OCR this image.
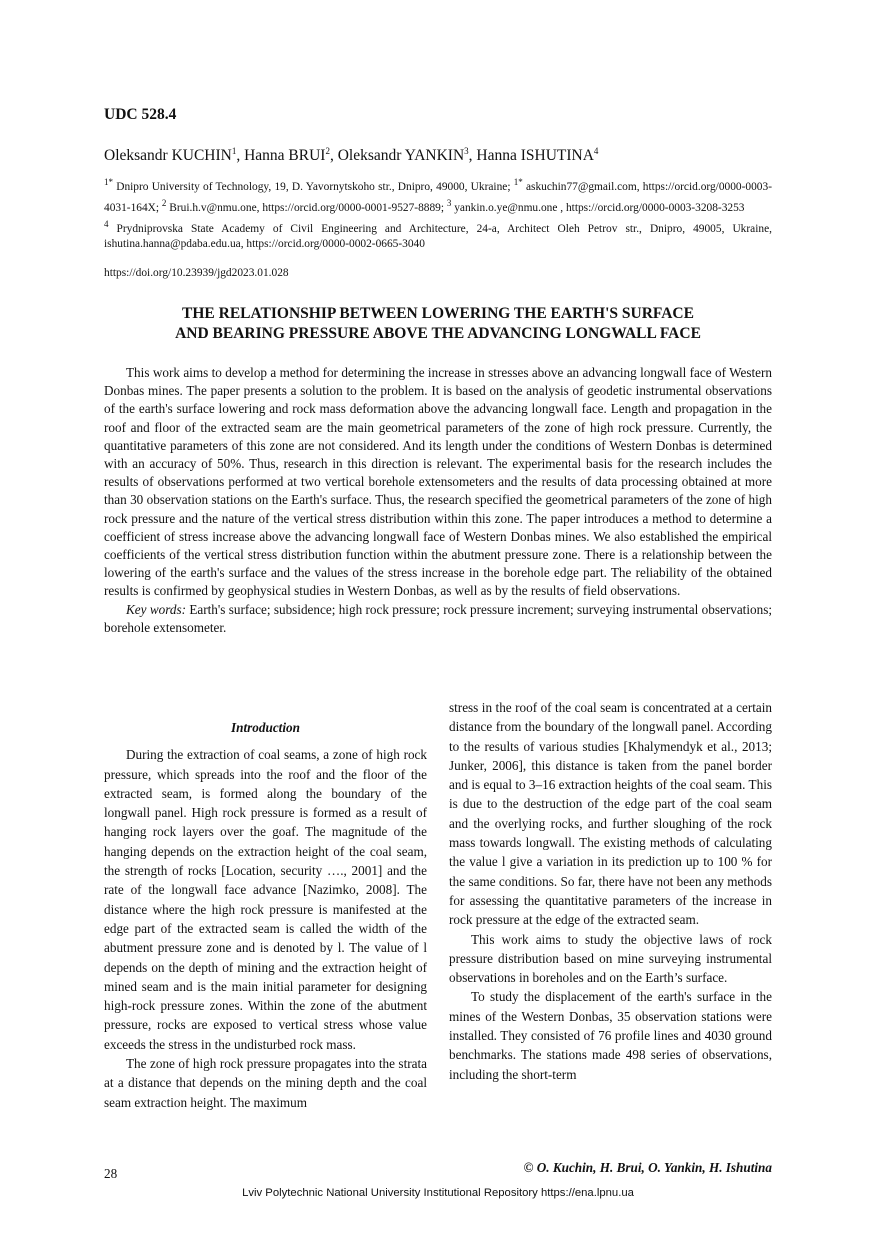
UDC 528.4
Oleksandr KUCHIN$^1$, Hanna BRUI$^2$, Oleksandr YANKIN$^3$, Hanna ISHUTINA$^4$

$^{1*}$ Dnipro University of Technology, 19, D. Yavornytskoho str., Dnipro, 49000, Ukraine; $^{1*}$ askuchin77@gmail.com, https://orcid.org/0000-0003-4031-164X; $^2$ Brui.h.v@nmu.one, https://orcid.org/0000-0001-9527-8889; $^3$ yankin.o.ye@nmu.one , https://orcid.org/0000-0003-3208-3253

$^4$ Prydniprovska State Academy of Civil Engineering and Architecture, 24-a, Architect Oleh Petrov str., Dnipro, 49005, Ukraine, ishutina.hanna@pdaba.edu.ua, https://orcid.org/0000-0002-0665-3040

https://doi.org/10.23939/jgd2023.01.028
THE RELATIONSHIP BETWEEN LOWERING THE EARTH'S SURFACE
AND BEARING PRESSURE ABOVE THE ADVANCING LONGWALL FACE

This work aims to develop a method for determining the increase in stresses above an advancing longwall face of Western Donbas mines. The paper presents a solution to the problem. It is based on the analysis of geodetic instrumental observations of the earth's surface lowering and rock mass deformation above the advancing longwall face. Length and propagation in the roof and floor of the extracted seam are the main geometrical parameters of the zone of high rock pressure. Currently, the quantitative parameters of this zone are not considered. And its length under the conditions of Western Donbas is determined with an accuracy of 50%. Thus, research in this direction is relevant. The experimental basis for the research includes the results of observations performed at two vertical borehole extensometers and the results of data processing obtained at more than 30 observation stations on the Earth's surface. Thus, the research specified the geometrical parameters of the zone of high rock pressure and the nature of the vertical stress distribution within this zone. The paper introduces a method to determine a coefficient of stress increase above the advancing longwall face of Western Donbas mines. We also established the empirical coefficients of the vertical stress distribution function within the abutment pressure zone. There is a relationship between the lowering of the earth's surface and the values of the stress increase in the borehole edge part. The reliability of the obtained results is confirmed by geophysical studies in Western Donbas, as well as by the results of field observations.

Key words: Earth's surface; subsidence; high rock pressure; rock pressure increment; surveying instrumental observations; borehole extensometer.

Introduction

During the extraction of coal seams, a zone of high rock pressure, which spreads into the roof and the floor of the extracted seam, is formed along the boundary of the longwall panel. High rock pressure is formed as a result of hanging rock layers over the goaf. The magnitude of the hanging depends on the extraction height of the coal seam, the strength of rocks [Location, security …., 2001] and the rate of the longwall face advance [Nazimko, 2008]. The distance where the high rock pressure is manifested at the edge part of the extracted seam is called the width of the abutment pressure zone and is denoted by l. The value of l depends on the depth of mining and the extraction height of mined seam and is the main initial parameter for designing high-rock pressure zones. Within the zone of the abutment pressure, rocks are exposed to vertical stress whose value exceeds the stress in the undisturbed rock mass.

The zone of high rock pressure propagates into the strata at a distance that depends on the mining depth and the coal seam extraction height. The maximum

stress in the roof of the coal seam is concentrated at a certain distance from the boundary of the longwall panel. According to the results of various studies [Khalymendyk et al., 2013; Junker, 2006], this distance is taken from the panel border and is equal to 3–16 extraction heights of the coal seam. This is due to the destruction of the edge part of the coal seam and the overlying rocks, and further sloughing of the rock mass towards longwall. The existing methods of calculating the value l give a variation in its prediction up to 100 % for the same conditions. So far, there have not been any methods for assessing the quantitative parameters of the increase in rock pressure at the edge of the extracted seam.

This work aims to study the objective laws of rock pressure distribution based on mine surveying instrumental observations in boreholes and on the Earth’s surface.

To study the displacement of the earth's surface in the mines of the Western Donbas, 35 observation stations were installed. They consisted of 76 profile lines and 4030 ground benchmarks. The stations made 498 series of observations, including the short-term

28	© O. Kuchin, H. Brui, O. Yankin, H. Ishutina
Lviv Polytechnic National University Institutional Repository https://ena.lpnu.ua
